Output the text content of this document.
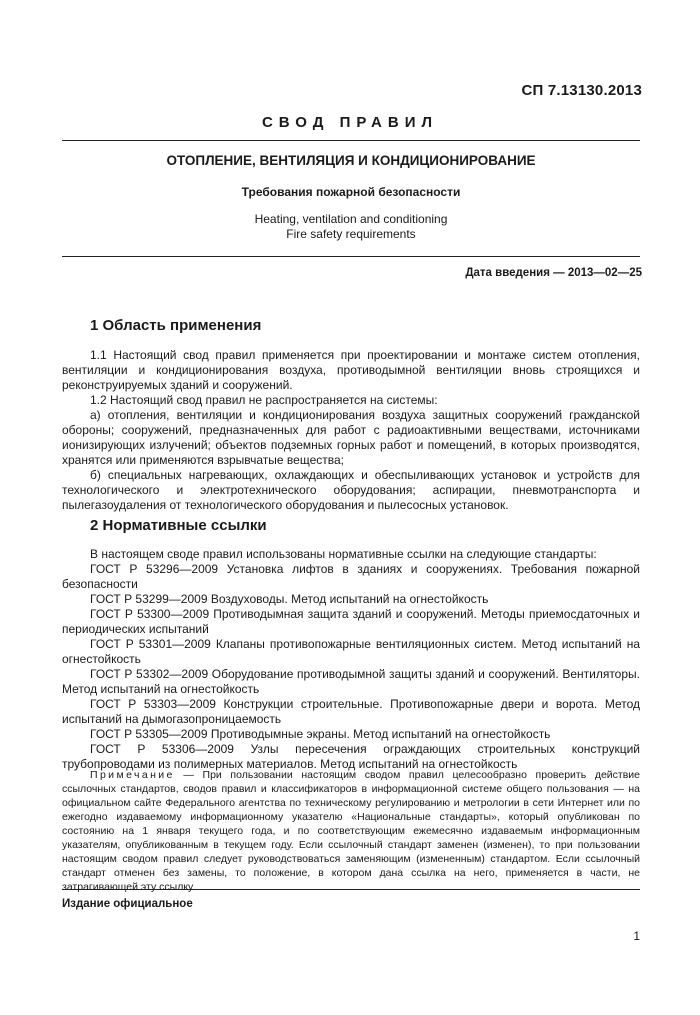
СП 7.13130.2013
СВОД ПРАВИЛ
ОТОПЛЕНИЕ, ВЕНТИЛЯЦИЯ И КОНДИЦИОНИРОВАНИЕ
Требования пожарной безопасности
Heating, ventilation and conditioning
Fire safety requirements
Дата введения — 2013—02—25
1 Область применения

1.1 Настоящий свод правил применяется при проектировании и монтаже систем отопления, вентиляции и кондиционирования воздуха, противодымной вентиляции вновь строящихся и реконструируемых зданий и сооружений.

1.2 Настоящий свод правил не распространяется на системы:

а) отопления, вентиляции и кондиционирования воздуха защитных сооружений гражданской обороны; сооружений, предназначенных для работ с радиоактивными веществами, источниками ионизирующих излучений; объектов подземных горных работ и помещений, в которых производятся, хранятся или применяются взрывчатые вещества;

б) специальных нагревающих, охлаждающих и обеспыливающих установок и устройств для технологического и электротехнического оборудования; аспирации, пневмотранспорта и пылегазоудаления от технологического оборудования и пылесосных установок.

2 Нормативные ссылки

В настоящем своде правил использованы нормативные ссылки на следующие стандарты:

ГОСТ Р 53296—2009 Установка лифтов в зданиях и сооружениях. Требования пожарной безопасности

ГОСТ Р 53299—2009 Воздуховоды. Метод испытаний на огнестойкость

ГОСТ Р 53300—2009 Противодымная защита зданий и сооружений. Методы приемосдаточных и периодических испытаний

ГОСТ Р 53301—2009 Клапаны противопожарные вентиляционных систем. Метод испытаний на огнестойкость

ГОСТ Р 53302—2009 Оборудование противодымной защиты зданий и сооружений. Вентиляторы. Метод испытаний на огнестойкость

ГОСТ Р 53303—2009 Конструкции строительные. Противопожарные двери и ворота. Метод испытаний на дымогазопроницаемость

ГОСТ Р 53305—2009 Противодымные экраны. Метод испытаний на огнестойкость

ГОСТ Р 53306—2009 Узлы пересечения ограждающих строительных конструкций трубопроводами из полимерных материалов. Метод испытаний на огнестойкость

Примечание — При пользовании настоящим сводом правил целесообразно проверить действие ссылочных стандартов, сводов правил и классификаторов в информационной системе общего пользования — на официальном сайте Федерального агентства по техническому регулированию и метрологии в сети Интернет или по ежегодно издаваемому информационному указателю «Национальные стандарты», который опубликован по состоянию на 1 января текущего года, и по соответствующим ежемесячно издаваемым информационным указателям, опубликованным в текущем году. Если ссылочный стандарт заменен (изменен), то при пользовании настоящим сводом правил следует руководствоваться заменяющим (измененным) стандартом. Если ссылочный стандарт отменен без замены, то положение, в котором дана ссылка на него, применяется в части, не затрагивающей эту ссылку.

Издание официальное
1
